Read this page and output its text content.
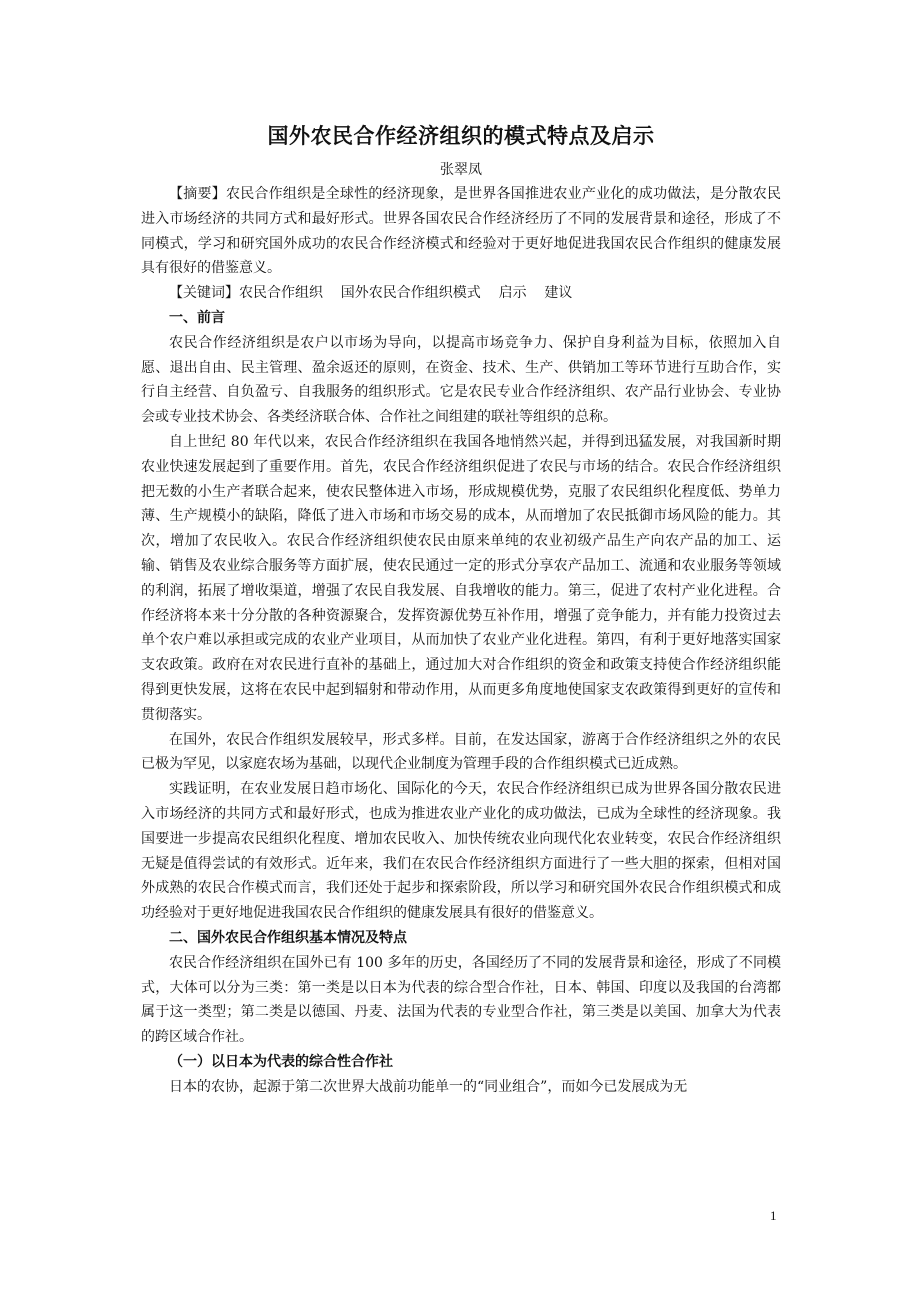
国外农民合作经济组织的模式特点及启示
张翠凤

【摘要】农民合作组织是全球性的经济现象，是世界各国推进农业产业化的成功做法，是分散农民进入市场经济的共同方式和最好形式。世界各国农民合作经济经历了不同的发展背景和途径，形成了不同模式，学习和研究国外成功的农民合作经济模式和经验对于更好地促进我国农民合作组织的健康发展具有很好的借鉴意义。

【关键词】农民合作组织    国外农民合作组织模式    启示    建议

一、前言

农民合作经济组织是农户以市场为导向，以提高市场竞争力、保护自身利益为目标，依照加入自愿、退出自由、民主管理、盈余返还的原则，在资金、技术、生产、供销加工等环节进行互助合作，实行自主经营、自负盈亏、自我服务的组织形式。它是农民专业合作经济组织、农产品行业协会、专业协会或专业技术协会、各类经济联合体、合作社之间组建的联社等组织的总称。

自上世纪 80 年代以来，农民合作经济组织在我国各地悄然兴起，并得到迅猛发展，对我国新时期农业快速发展起到了重要作用。首先，农民合作经济组织促进了农民与市场的结合。农民合作经济组织把无数的小生产者联合起来，使农民整体进入市场，形成规模优势，克服了农民组织化程度低、势单力薄、生产规模小的缺陷，降低了进入市场和市场交易的成本，从而增加了农民抵御市场风险的能力。其次，增加了农民收入。农民合作经济组织使农民由原来单纯的农业初级产品生产向农产品的加工、运输、销售及农业综合服务等方面扩展，使农民通过一定的形式分享农产品加工、流通和农业服务等领域的利润，拓展了增收渠道，增强了农民自我发展、自我增收的能力。第三，促进了农村产业化进程。合作经济将本来十分分散的各种资源聚合，发挥资源优势互补作用，增强了竞争能力，并有能力投资过去单个农户难以承担或完成的农业产业项目，从而加快了农业产业化进程。第四，有利于更好地落实国家支农政策。政府在对农民进行直补的基础上，通过加大对合作组织的资金和政策支持使合作经济组织能得到更快发展，这将在农民中起到辐射和带动作用，从而更多角度地使国家支农政策得到更好的宣传和贯彻落实。

在国外，农民合作组织发展较早，形式多样。目前，在发达国家，游离于合作经济组织之外的农民已极为罕见，以家庭农场为基础，以现代企业制度为管理手段的合作组织模式已近成熟。

实践证明，在农业发展日趋市场化、国际化的今天，农民合作经济组织已成为世界各国分散农民进入市场经济的共同方式和最好形式，也成为推进农业产业化的成功做法，已成为全球性的经济现象。我国要进一步提高农民组织化程度、增加农民收入、加快传统农业向现代化农业转变，农民合作经济组织无疑是值得尝试的有效形式。近年来，我们在农民合作经济组织方面进行了一些大胆的探索，但相对国外成熟的农民合作模式而言，我们还处于起步和探索阶段，所以学习和研究国外农民合作组织模式和成功经验对于更好地促进我国农民合作组织的健康发展具有很好的借鉴意义。

二、国外农民合作组织基本情况及特点

农民合作经济组织在国外已有 100 多年的历史，各国经历了不同的发展背景和途径，形成了不同模式，大体可以分为三类：第一类是以日本为代表的综合型合作社，日本、韩国、印度以及我国的台湾都属于这一类型；第二类是以德国、丹麦、法国为代表的专业型合作社，第三类是以美国、加拿大为代表的跨区域合作社。

（一）以日本为代表的综合性合作社

日本的农协，起源于第二次世界大战前功能单一的“同业组合”，而如今已发展成为无

1
